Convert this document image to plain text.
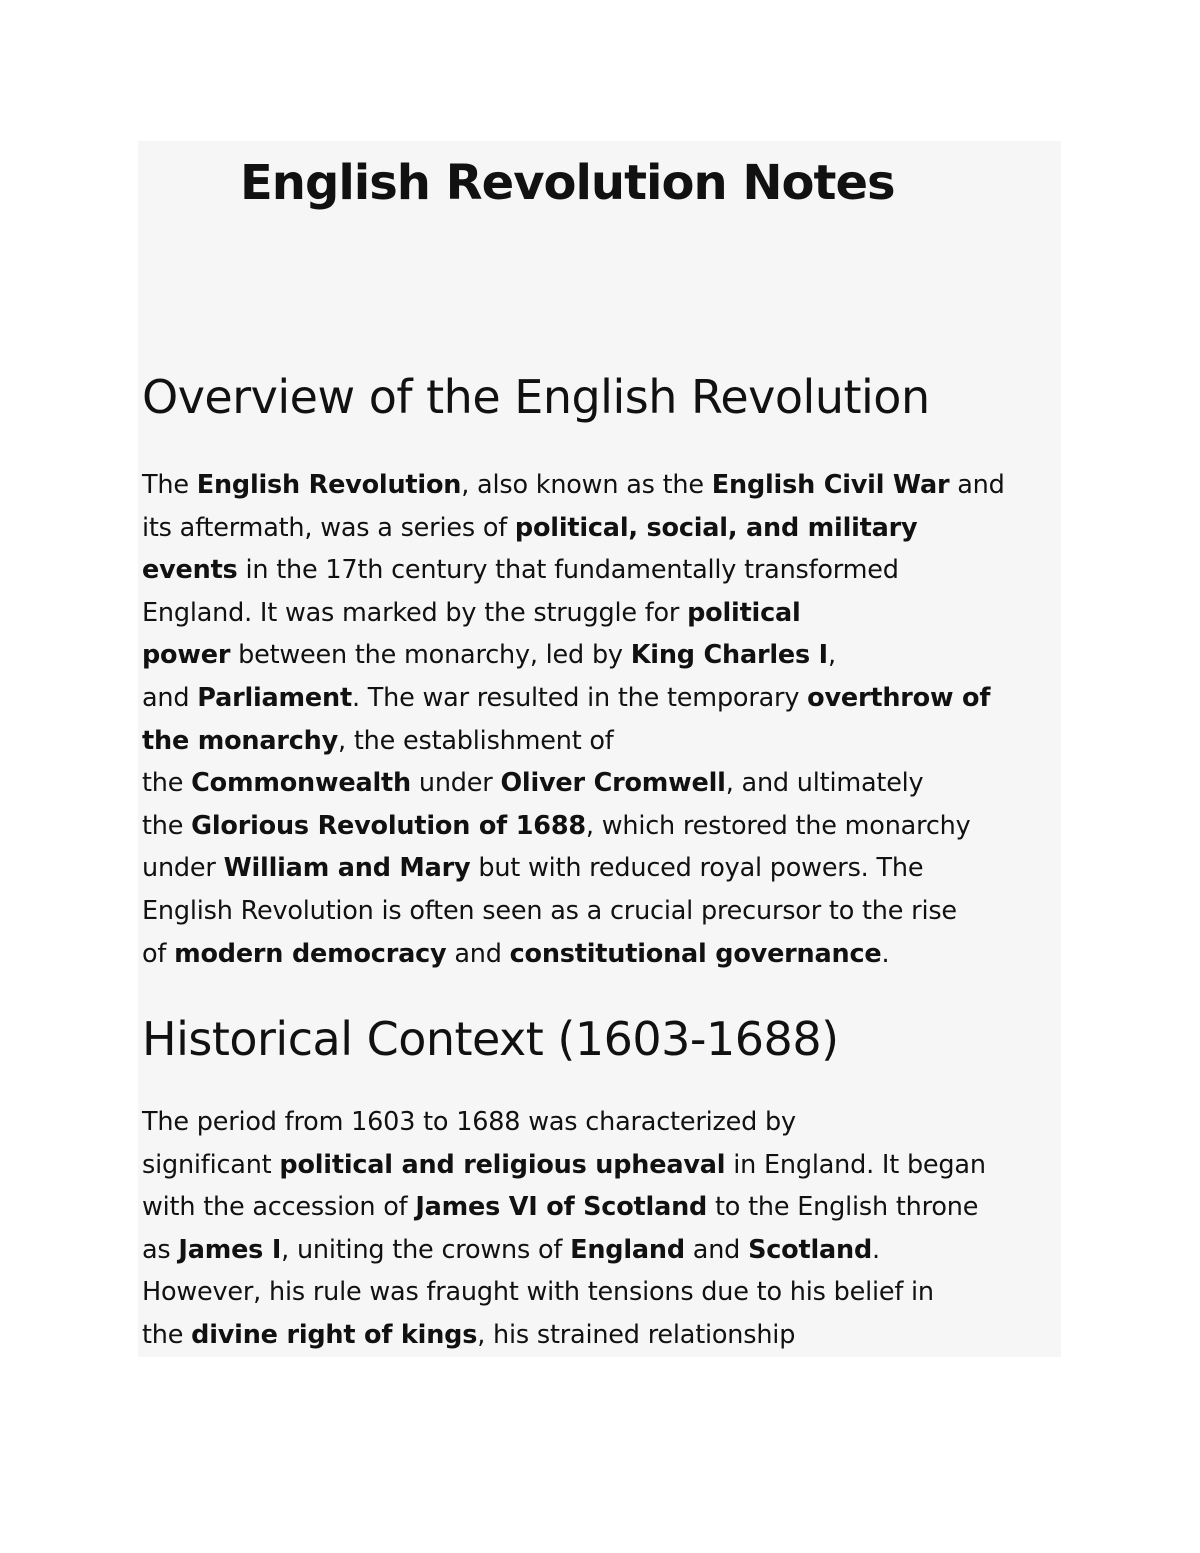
English Revolution Notes
Overview of the English Revolution
The English Revolution, also known as the English Civil War and
its aftermath, was a series of political, social, and military
events in the 17th century that fundamentally transformed
England. It was marked by the struggle for political
power between the monarchy, led by King Charles I,
and Parliament. The war resulted in the temporary overthrow of
the monarchy, the establishment of
the Commonwealth under Oliver Cromwell, and ultimately
the Glorious Revolution of 1688, which restored the monarchy
under William and Mary but with reduced royal powers. The
English Revolution is often seen as a crucial precursor to the rise
of modern democracy and constitutional governance.
Historical Context (1603-1688)
The period from 1603 to 1688 was characterized by
significant political and religious upheaval in England. It began
with the accession of James VI of Scotland to the English throne
as James I, uniting the crowns of England and Scotland.
However, his rule was fraught with tensions due to his belief in
the divine right of kings, his strained relationship
